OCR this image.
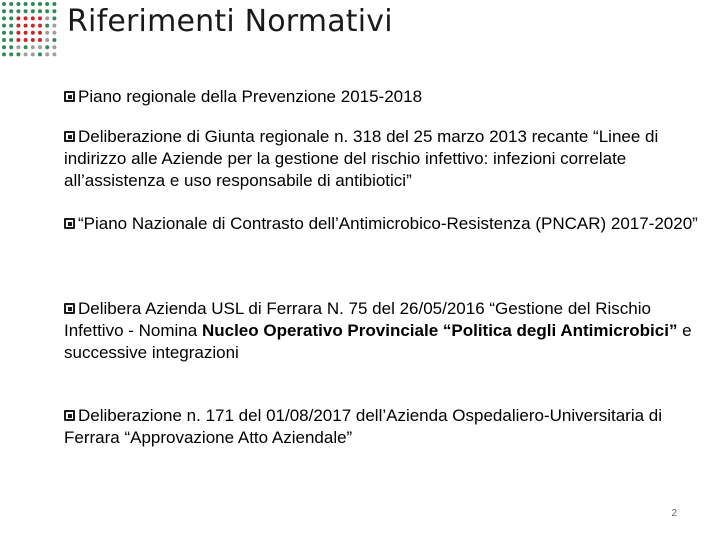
Riferimenti Normativi

Piano regionale della Prevenzione 2015-2018

Deliberazione di Giunta regionale n. 318 del 25 marzo 2013 recante “Linee di indirizzo alle Aziende per la gestione del rischio infettivo: infezioni correlate all’assistenza e uso responsabile di antibiotici”

“Piano Nazionale di Contrasto dell’Antimicrobico-Resistenza (PNCAR) 2017-2020”

Delibera Azienda USL di Ferrara N. 75 del 26/05/2016 “Gestione del Rischio Infettivo - Nomina Nucleo Operativo Provinciale “Politica degli Antimicrobici” e successive integrazioni

Deliberazione n. 171 del 01/08/2017 dell’Azienda Ospedaliero-Universitaria di Ferrara “Approvazione Atto Aziendale”

2
